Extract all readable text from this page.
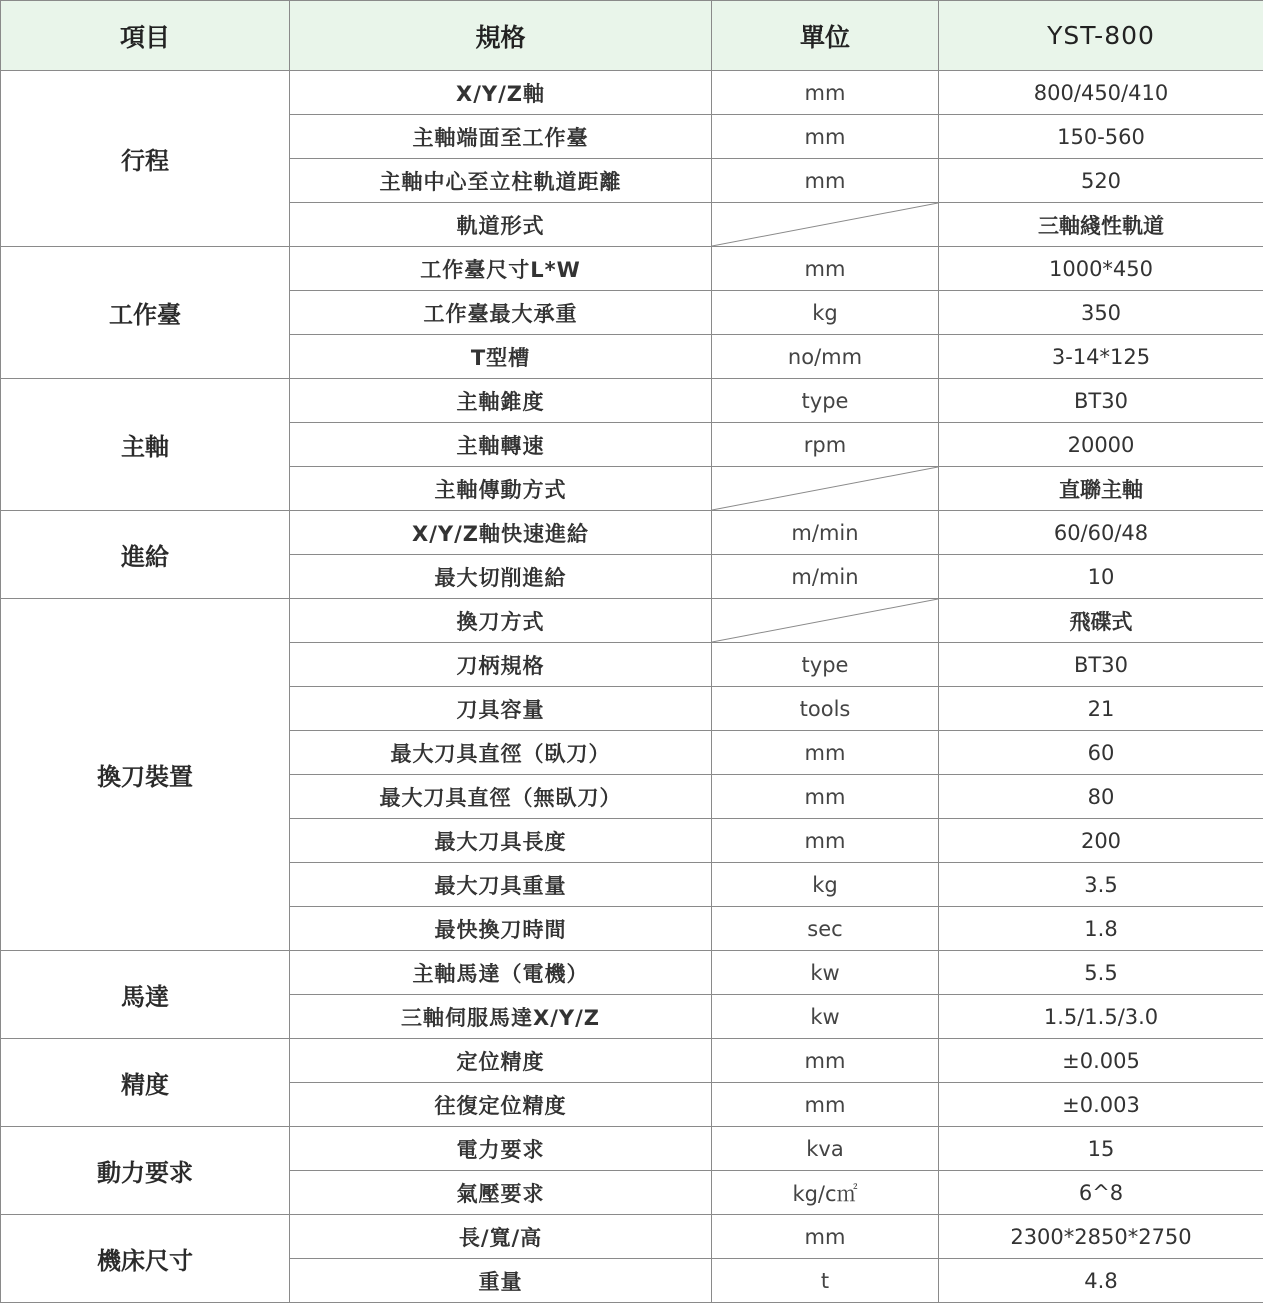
項目	規格	單位	YST-800
行程	X/Y/Z軸	mm	800/450/410
	主軸端面至工作臺	mm	150-560
	主軸中心至立柱軌道距離	mm	520
	軌道形式		三軸綫性軌道
工作臺	工作臺尺寸L*W	mm	1000*450
	工作臺最大承重	kg	350
	T型槽	no/mm	3-14*125
主軸	主軸錐度	type	BT30
	主軸轉速	rpm	20000
	主軸傳動方式		直聯主軸
進給	X/Y/Z軸快速進給	m/min	60/60/48
	最大切削進給	m/min	10
換刀裝置	換刀方式		飛碟式
	刀柄規格	type	BT30
	刀具容量	tools	21
	最大刀具直徑（臥刀）	mm	60
	最大刀具直徑（無臥刀）	mm	80
	最大刀具長度	mm	200
	最大刀具重量	kg	3.5
	最快換刀時間	sec	1.8
馬達	主軸馬達（電機）	kw	5.5
	三軸伺服馬達X/Y/Z	kw	1.5/1.5/3.0
精度	定位精度	mm	±0.005
	往復定位精度	mm	±0.003
動力要求	電力要求	kva	15
	氣壓要求	kg/c㎡	6^8
機床尺寸	長/寬/高	mm	2300*2850*2750
	重量	t	4.8
